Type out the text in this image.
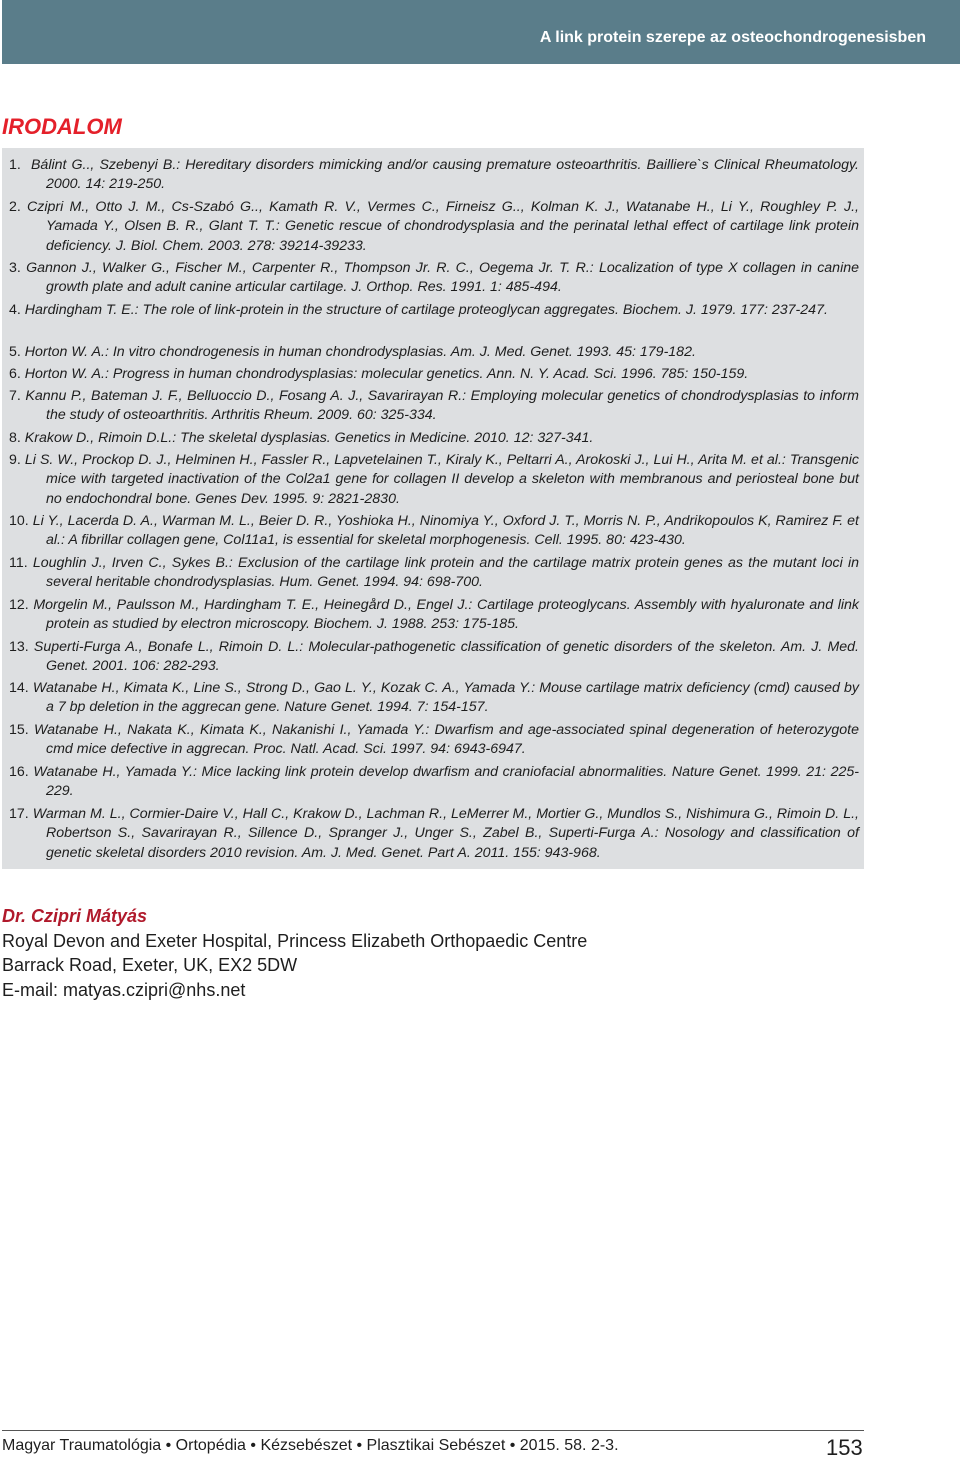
A link protein szerepe az osteochondrogenesisben
IRODALOM
1. Bálint G.., Szebenyi B.: Hereditary disorders mimicking and/or causing premature osteoarthritis. Bailliere`s Clinical Rheumatology. 2000. 14: 219-250.
2. Czipri M., Otto J. M., Cs-Szabó G.., Kamath R. V., Vermes C., Firneisz G.., Kolman K. J., Watanabe H., Li Y., Roughley P. J., Yamada Y., Olsen B. R., Glant T. T.: Genetic rescue of chondrodysplasia and the perinatal lethal effect of cartilage link protein deficiency. J. Biol. Chem. 2003. 278: 39214-39233.
3. Gannon J., Walker G., Fischer M., Carpenter R., Thompson Jr. R. C., Oegema Jr. T. R.: Localization of type X collagen in canine growth plate and adult canine articular cartilage. J. Orthop. Res. 1991. 1: 485-494.
4. Hardingham T. E.: The role of link-protein in the structure of cartilage proteoglycan aggregates. Biochem. J. 1979. 177: 237-247.
5. Horton W. A.: In vitro chondrogenesis in human chondrodysplasias. Am. J. Med. Genet. 1993. 45: 179-182.
6. Horton W. A.: Progress in human chondrodysplasias: molecular genetics. Ann. N. Y. Acad. Sci. 1996. 785: 150-159.
7. Kannu P., Bateman J. F., Belluoccio D., Fosang A. J., Savarirayan R.: Employing molecular genetics of chondrodysplasias to inform the study of osteoarthritis. Arthritis Rheum. 2009. 60: 325-334.
8. Krakow D., Rimoin D.L.: The skeletal dysplasias. Genetics in Medicine. 2010. 12: 327-341.
9. Li S. W., Prockop D. J., Helminen H., Fassler R., Lapvetelainen T., Kiraly K., Peltarri A., Arokoski J., Lui H., Arita M. et al.: Transgenic mice with targeted inactivation of the Col2a1 gene for collagen II develop a skeleton with membranous and periosteal bone but no endochondral bone. Genes Dev. 1995. 9: 2821-2830.
10. Li Y., Lacerda D. A., Warman M. L., Beier D. R., Yoshioka H., Ninomiya Y., Oxford J. T., Morris N. P., Andrikopoulos K, Ramirez F. et al.: A fibrillar collagen gene, Col11a1, is essential for skeletal morphogenesis. Cell. 1995. 80: 423-430.
11. Loughlin J., Irven C., Sykes B.: Exclusion of the cartilage link protein and the cartilage matrix protein genes as the mutant loci in several heritable chondrodysplasias. Hum. Genet. 1994. 94: 698-700.
12. Morgelin M., Paulsson M., Hardingham T. E., Heinegård D., Engel J.: Cartilage proteoglycans. Assembly with hyaluronate and link protein as studied by electron microscopy. Biochem. J. 1988. 253: 175-185.
13. Superti-Furga A., Bonafe L., Rimoin D. L.: Molecular-pathogenetic classification of genetic disorders of the skeleton. Am. J. Med. Genet. 2001. 106: 282-293.
14. Watanabe H., Kimata K., Line S., Strong D., Gao L. Y., Kozak C. A., Yamada Y.: Mouse cartilage matrix deficiency (cmd) caused by a 7 bp deletion in the aggrecan gene. Nature Genet. 1994. 7: 154-157.
15. Watanabe H., Nakata K., Kimata K., Nakanishi I., Yamada Y.: Dwarfism and age-associated spinal degeneration of heterozygote cmd mice defective in aggrecan. Proc. Natl. Acad. Sci. 1997. 94: 6943-6947.
16. Watanabe H., Yamada Y.: Mice lacking link protein develop dwarfism and craniofacial abnormalities. Nature Genet. 1999. 21: 225-229.
17. Warman M. L., Cormier-Daire V., Hall C., Krakow D., Lachman R., LeMerrer M., Mortier G., Mundlos S., Nishimura G., Rimoin D. L., Robertson S., Savarirayan R., Sillence D., Spranger J., Unger S., Zabel B., Superti-Furga A.: Nosology and classification of genetic skeletal disorders 2010 revision. Am. J. Med. Genet. Part A. 2011. 155: 943-968.
Dr. Czipri Mátyás
Royal Devon and Exeter Hospital, Princess Elizabeth Orthopaedic Centre
Barrack Road, Exeter, UK, EX2 5DW
E-mail: matyas.czipri@nhs.net
Magyar Traumatológia • Ortopédia • Kézsebészet • Plasztikai Sebészet • 2015. 58. 2-3.	153
